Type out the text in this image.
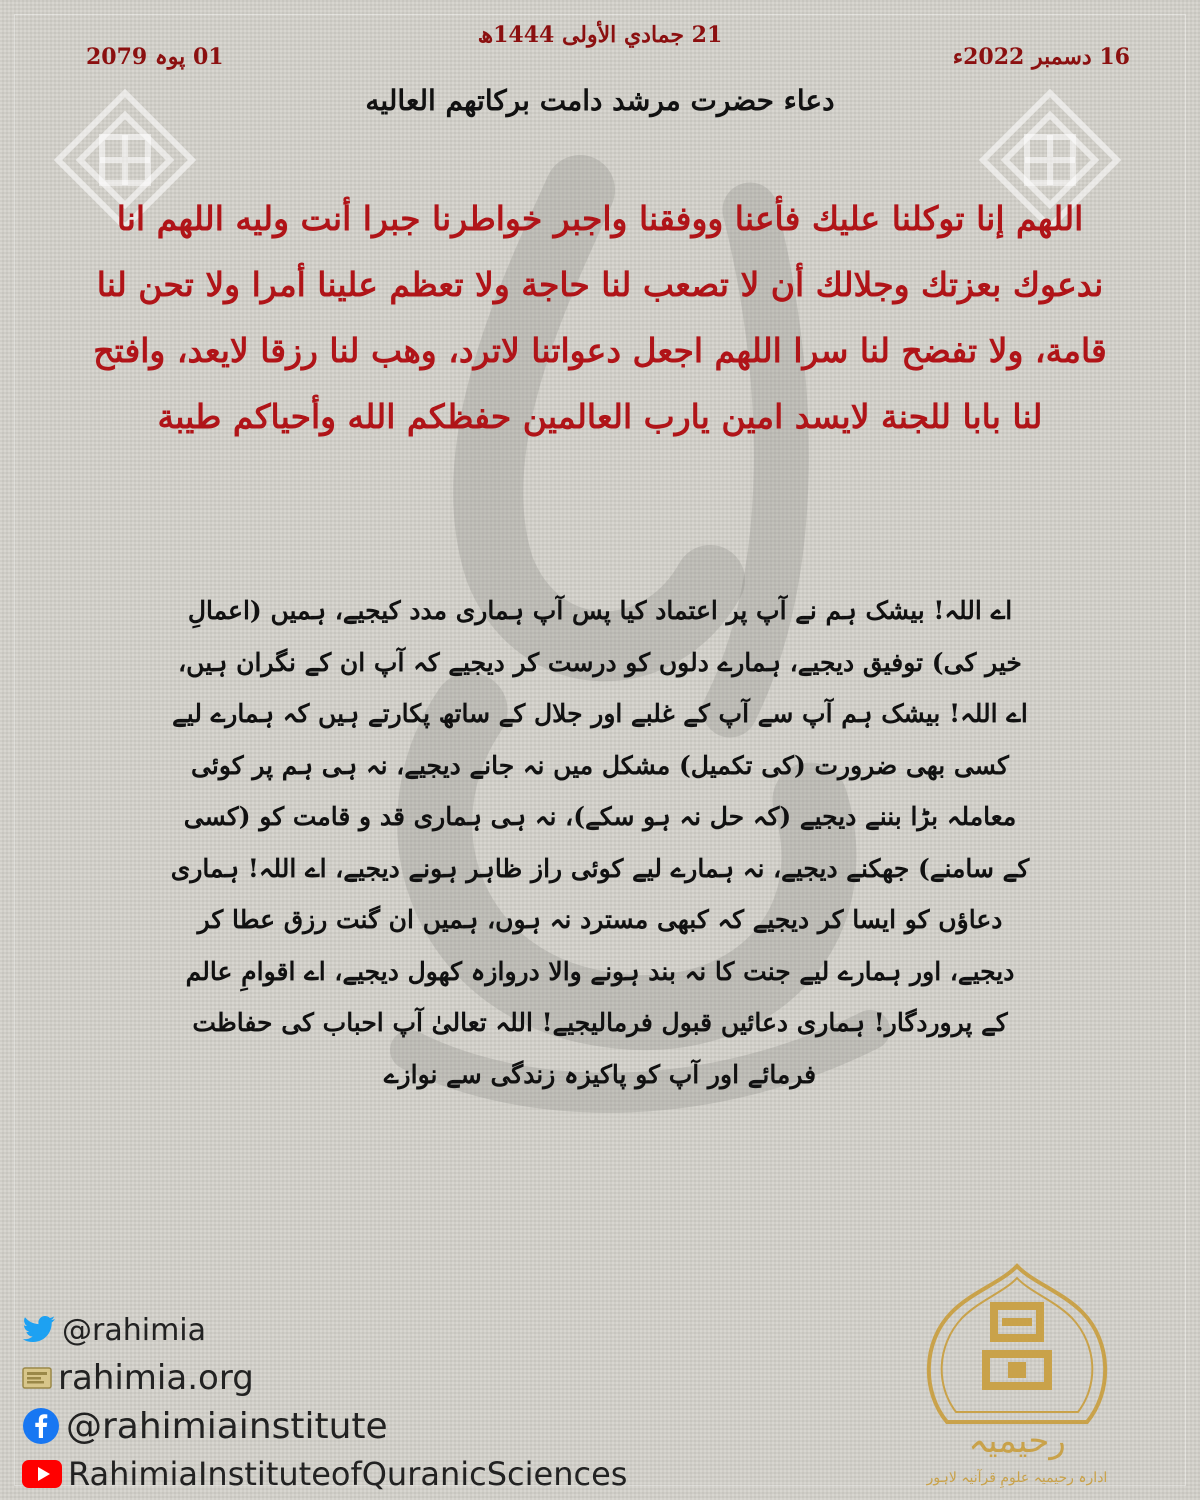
16 دسمبر 2022ء
21 جمادي الأولى 1444ھ
01 پوہ 2079
دعاء حضرت مرشد دامت برکاتهم العاليه
اللهم إنا توكلنا عليك فأعنا ووفقنا واجبر خواطرنا جبرا أنت وليه اللهم انا ندعوك بعزتك وجلالك أن لا تصعب لنا حاجة ولا تعظم علينا أمرا ولا تحن لنا قامة، ولا تفضح لنا سرا اللهم اجعل دعواتنا لاترد، وهب لنا رزقا لايعد، وافتح لنا بابا للجنة لايسد امين يارب العالمين حفظكم الله وأحياكم طيبة
اے اللہ! بیشک ہم نے آپ پر اعتماد کیا پس آپ ہماری مدد کیجیے، ہمیں (اعمالِ خیر کی) توفیق دیجیے، ہمارے دلوں کو درست کر دیجیے کہ آپ ان کے نگران ہیں، اے اللہ! بیشک ہم آپ سے آپ کے غلبے اور جلال کے ساتھ پکارتے ہیں کہ ہمارے لیے کسی بھی ضرورت (کی تکمیل) مشکل میں نہ جانے دیجیے، نہ ہی ہم پر کوئی معاملہ بڑا بننے دیجیے (کہ حل نہ ہو سکے)، نہ ہی ہماری قد و قامت کو (کسی کے سامنے) جھکنے دیجیے، نہ ہمارے لیے کوئی راز ظاہر ہونے دیجیے، اے اللہ! ہماری دعاؤں کو ایسا کر دیجیے کہ کبھی مسترد نہ ہوں، ہمیں ان گنت رزق عطا کر دیجیے، اور ہمارے لیے جنت کا نہ بند ہونے والا دروازہ کھول دیجیے، اے اقوامِ عالم کے پروردگار! ہماری دعائیں قبول فرمالیجیے! اللہ تعالیٰ آپ احباب کی حفاظت فرمائے اور آپ کو پاکیزہ زندگی سے نوازے
@rahimia
rahimia.org
@rahimiainstitute
RahimiaInstituteofQuranicSciences
رحیمیہ
ادارہ رحیمیہ علومِ قرآنیہ لاہور
